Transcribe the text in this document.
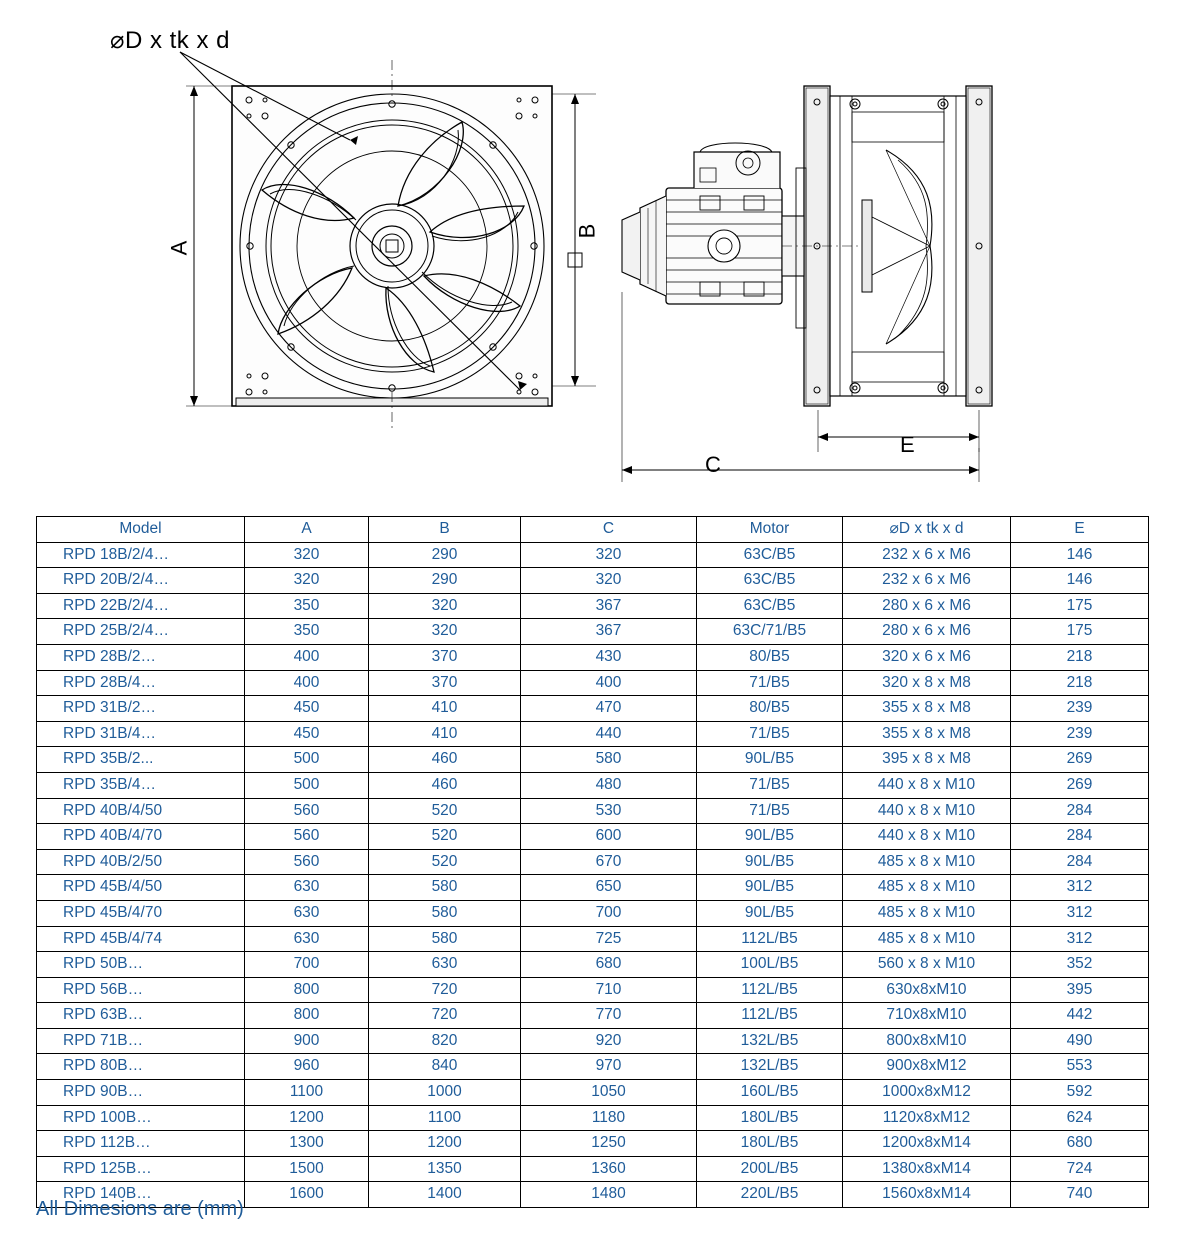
⌀D x tk x d
A
B
C
E
Model	A	B	C	Motor	⌀D x tk x d	E
RPD 18B/2/4…	320	290	320	63C/B5	232 x 6 x M6	146
RPD 20B/2/4…	320	290	320	63C/B5	232 x 6 x M6	146
RPD 22B/2/4…	350	320	367	63C/B5	280 x 6 x M6	175
RPD 25B/2/4…	350	320	367	63C/71/B5	280 x 6 x M6	175
RPD 28B/2…	400	370	430	80/B5	320 x 6 x M6	218
RPD 28B/4…	400	370	400	71/B5	320 x 8 x M8	218
RPD 31B/2…	450	410	470	80/B5	355 x 8 x M8	239
RPD 31B/4…	450	410	440	71/B5	355 x 8 x M8	239
RPD 35B/2...	500	460	580	90L/B5	395 x 8 x M8	269
RPD 35B/4…	500	460	480	71/B5	440 x 8 x M10	269
RPD 40B/4/50	560	520	530	71/B5	440 x 8 x M10	284
RPD 40B/4/70	560	520	600	90L/B5	440 x 8 x M10	284
RPD 40B/2/50	560	520	670	90L/B5	485 x 8 x M10	284
RPD 45B/4/50	630	580	650	90L/B5	485 x 8 x M10	312
RPD 45B/4/70	630	580	700	90L/B5	485 x 8 x M10	312
RPD 45B/4/74	630	580	725	112L/B5	485 x 8 x M10	312
RPD 50B…	700	630	680	100L/B5	560 x 8 x M10	352
RPD 56B…	800	720	710	112L/B5	630x8xM10	395
RPD 63B…	800	720	770	112L/B5	710x8xM10	442
RPD 71B…	900	820	920	132L/B5	800x8xM10	490
RPD 80B…	960	840	970	132L/B5	900x8xM12	553
RPD 90B…	1100	1000	1050	160L/B5	1000x8xM12	592
RPD 100B…	1200	1100	1180	180L/B5	1120x8xM12	624
RPD 112B…	1300	1200	1250	180L/B5	1200x8xM14	680
RPD 125B…	1500	1350	1360	200L/B5	1380x8xM14	724
RPD 140B…	1600	1400	1480	220L/B5	1560x8xM14	740
All Dimesions are (mm)
